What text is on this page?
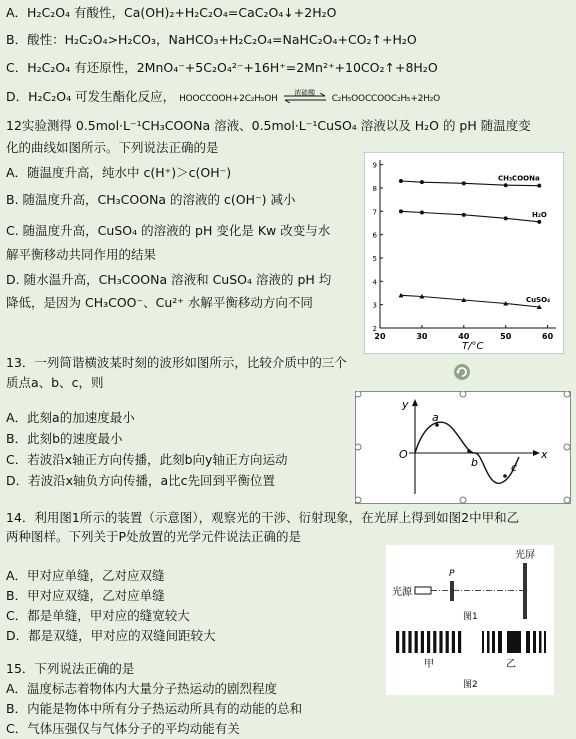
A．H₂C₂O₄ 有酸性，Ca(OH)₂+H₂C₂O₄=CaC₂O₄↓+2H₂O
B．酸性：H₂C₂O₄>H₂CO₃，NaHCO₃+H₂C₂O₄=NaHC₂O₄+CO₂↑+H₂O
C．H₂C₂O₄ 有还原性，2MnO₄⁻+5C₂O₄²⁻+16H⁺=2Mn²⁺+10CO₂↑+8H₂O
D．H₂C₂O₄ 可发生酯化反应， HOOCCOOH+2C₂H₅OH
浓硫酸
C₂H₅OOCCOOC₂H₅+2H₂O
12实验测得 0.5mol·L⁻¹CH₃COONa 溶液、0.5mol·L⁻¹CuSO₄ 溶液以及 H₂O 的 pH 随温度变
化的曲线如图所示。下列说法正确的是
A．随温度升高，纯水中 c(H⁺)＞c(OH⁻)
B. 随温度升高，CH₃COONa 的溶液的 c(OH⁻) 减小
C. 随温度升高，CuSO₄ 的溶液的 pH 变化是 Kw 改变与水
解平衡移动共同作用的结果
D. 随水温升高，CH₃COONa 溶液和 CuSO₄ 溶液的 pH 均
降低，是因为 CH₃COO⁻、Cu²⁺ 水解平衡移动方向不同
2
3
4
5
6
7
8
9
20	30	40	50	60
CH₃COONa
H₂O
CuSO₄
T/°C
13．一列简谐横波某时刻的波形如图所示，比较介质中的三个
质点a、b、c，则
A．此刻a的加速度最小
B．此刻b的速度最小
C．若波沿x轴正方向传播，此刻b向y轴正方向运动
D．若波沿x轴负方向传播，a比c先回到平衡位置
y
x
O
a
b	c
14．利用图1所示的装置（示意图），观察光的干涉、衍射现象，在光屏上得到如图2中甲和乙
两种图样。下列关于P处放置的光学元件说法正确的是
A．甲对应单缝，乙对应双缝
B．甲对应双缝，乙对应单缝
C．都是单缝，甲对应的缝宽较大
D．都是双缝，甲对应的双缝间距较大
光源
P
光屏
图1
甲	乙
图2
15．下列说法正确的是
A．温度标志着物体内大量分子热运动的剧烈程度
B．内能是物体中所有分子热运动所具有的动能的总和
C．气体压强仅与气体分子的平均动能有关
